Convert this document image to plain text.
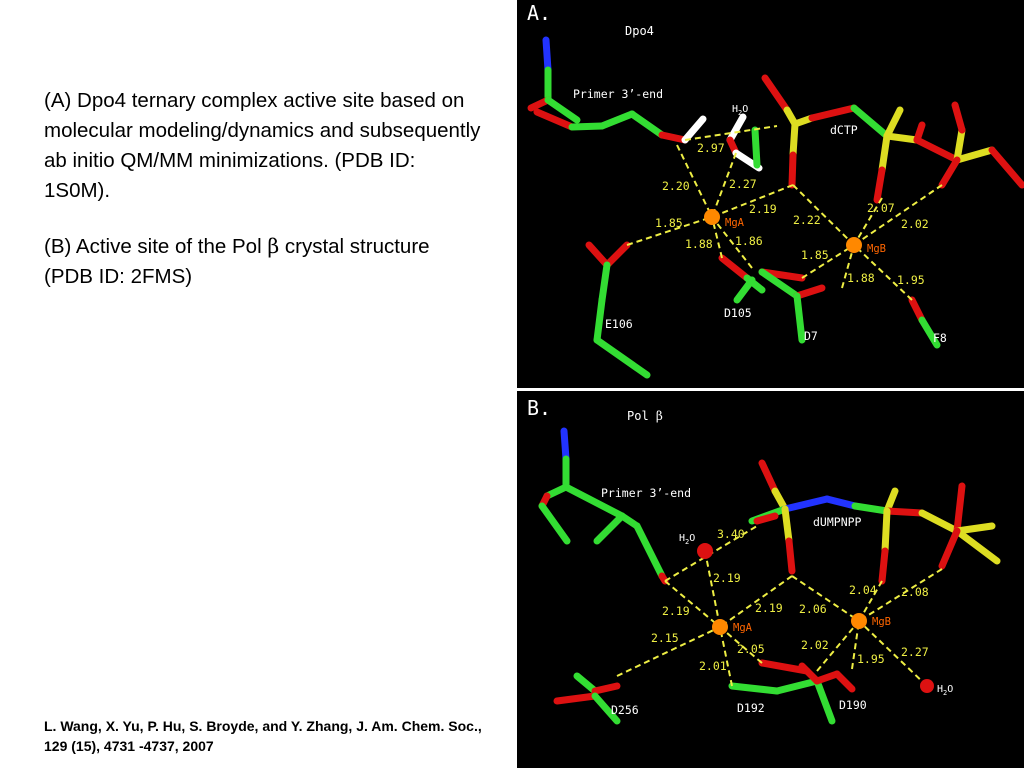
(A) Dpo4 ternary complex active site based on molecular modeling/dynamics and subsequently ab initio QM/MM minimizations. (PDB ID: 1S0M).

(B) Active site of the Pol β crystal structure (PDB ID: 2FMS)

L. Wang, X. Yu, P. Hu, S. Broyde, and Y. Zhang, J. Am. Chem. Soc., 129 (15), 4731 -4737, 2007
A.
Dpo4
Primer 3’-end
$H_2O$
dCTP
MgA
MgB
E106
D105
D7	F8
2.97
2.20	2.27
2.19
2.22
2.07
2.02
1.85
1.88 1.86
1.85
1.88 1.95
B.	Pol β
Primer 3’-end
$H_2O$
dUMPNPP
MgA	MgB
D256	D192	D190
$H_2O$
3.40
2.19
2.19	2.19
2.15
2.05
2.01
2.06
2.04 2.08
2.02
1.95 2.27
